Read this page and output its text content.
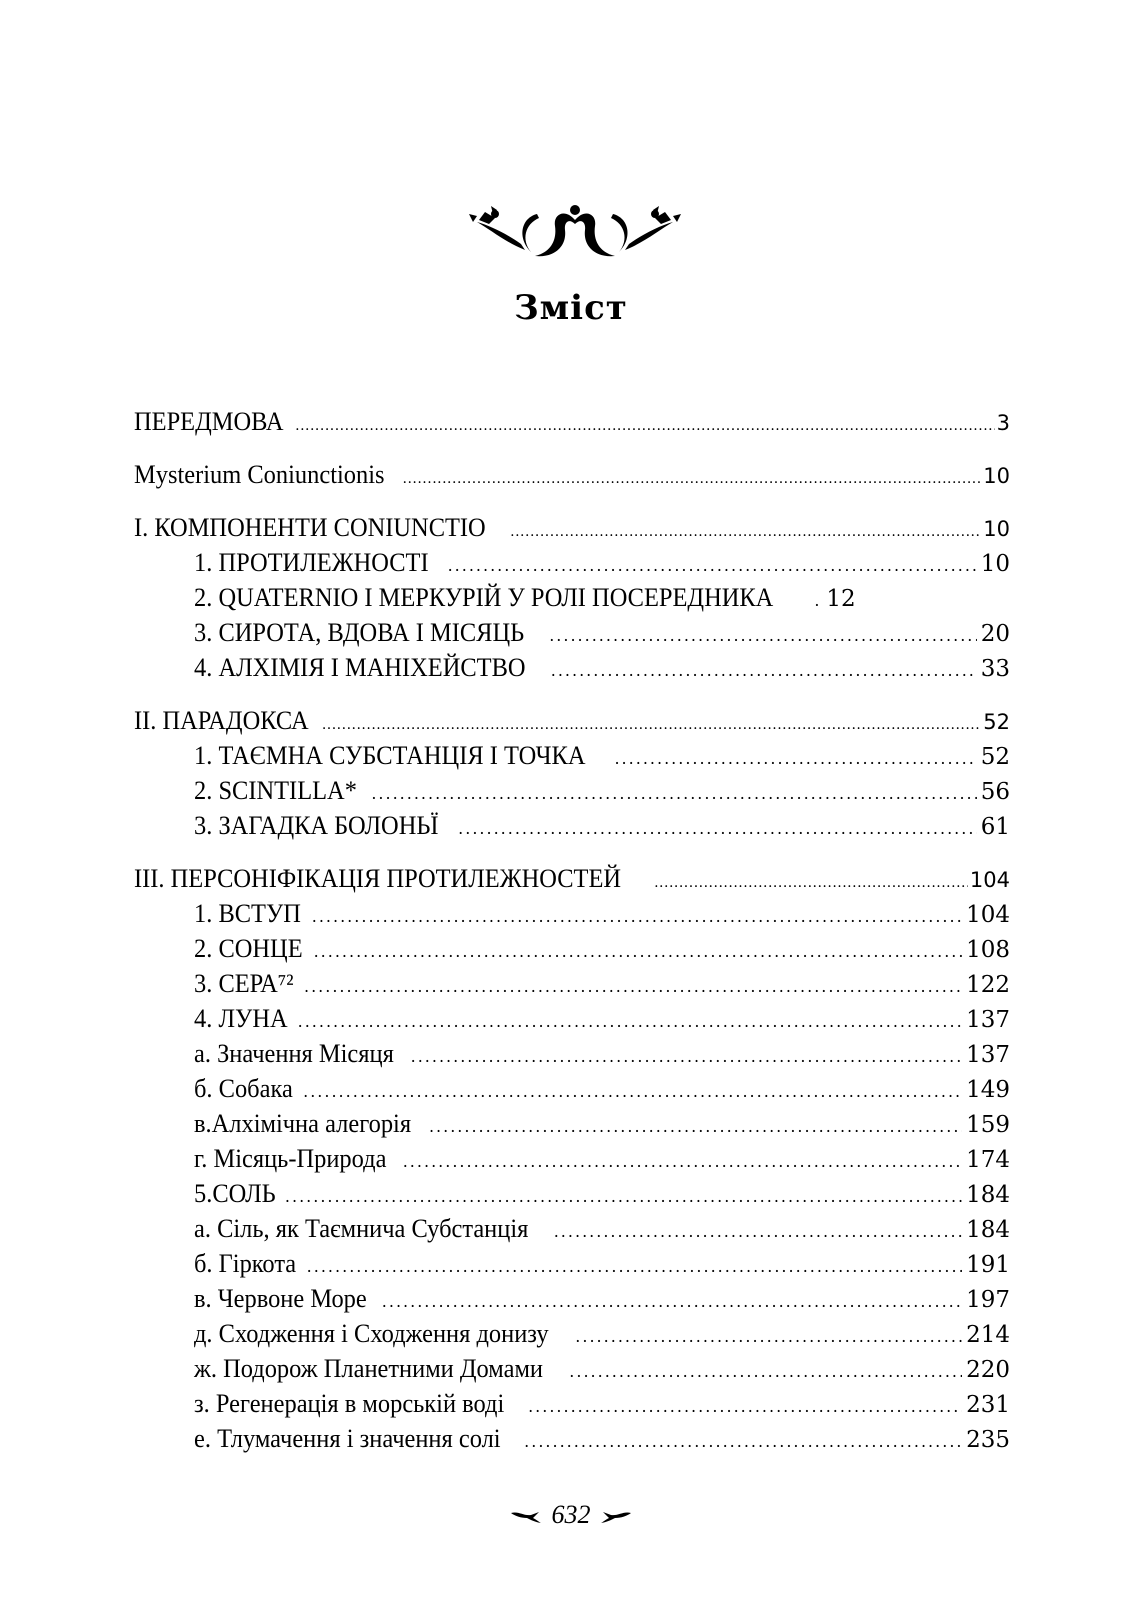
Зміст
ПЕРЕДМОВА .....	3
Mysterium Coniunctionis .....	10
I. КОМПОНЕНТИ CONIUNCTIO .....	10
1. ПРОТИЛЕЖНОСТІ .....	10
2. QUATERNIO І МЕРКУРІЙ У РОЛІ ПОСЕРЕДНИКА ..... 12
3. СИРОТА, ВДОВА І МІСЯЦЬ .....	20
4. АЛХІМІЯ І МАНІХЕЙСТВО .....	33
II. ПАРАДОКСА .....	52
1. ТАЄМНА СУБСТАНЦІЯ І ТОЧКА .....	52
2. SCINTILLA* .....	56
3. ЗАГАДКА БОЛОНЬЇ .....	61
III. ПЕРСОНІФІКАЦІЯ ПРОТИЛЕЖНОСТЕЙ .....	104
1. ВСТУП .....	104
2. СОНЦЕ .....	108
3. СЕРА⁷² .....	122
4. ЛУНА .....	137
а. Значення Місяця .....	137
б. Собака .....	149
в.Алхімічна алегорія .....	159
г. Місяць-Природа .....	174
5.СОЛЬ .....	184
а. Сіль, як Таємнича Субстанція .....	184
б. Гіркота .....	191
в. Червоне Море .....	197
д. Сходження і Сходження донизу .....	214
ж. Подорож Планетними Домами .....	220
з. Регенерація в морській воді .....	231
е. Тлумачення і значення солі .....	235
632
